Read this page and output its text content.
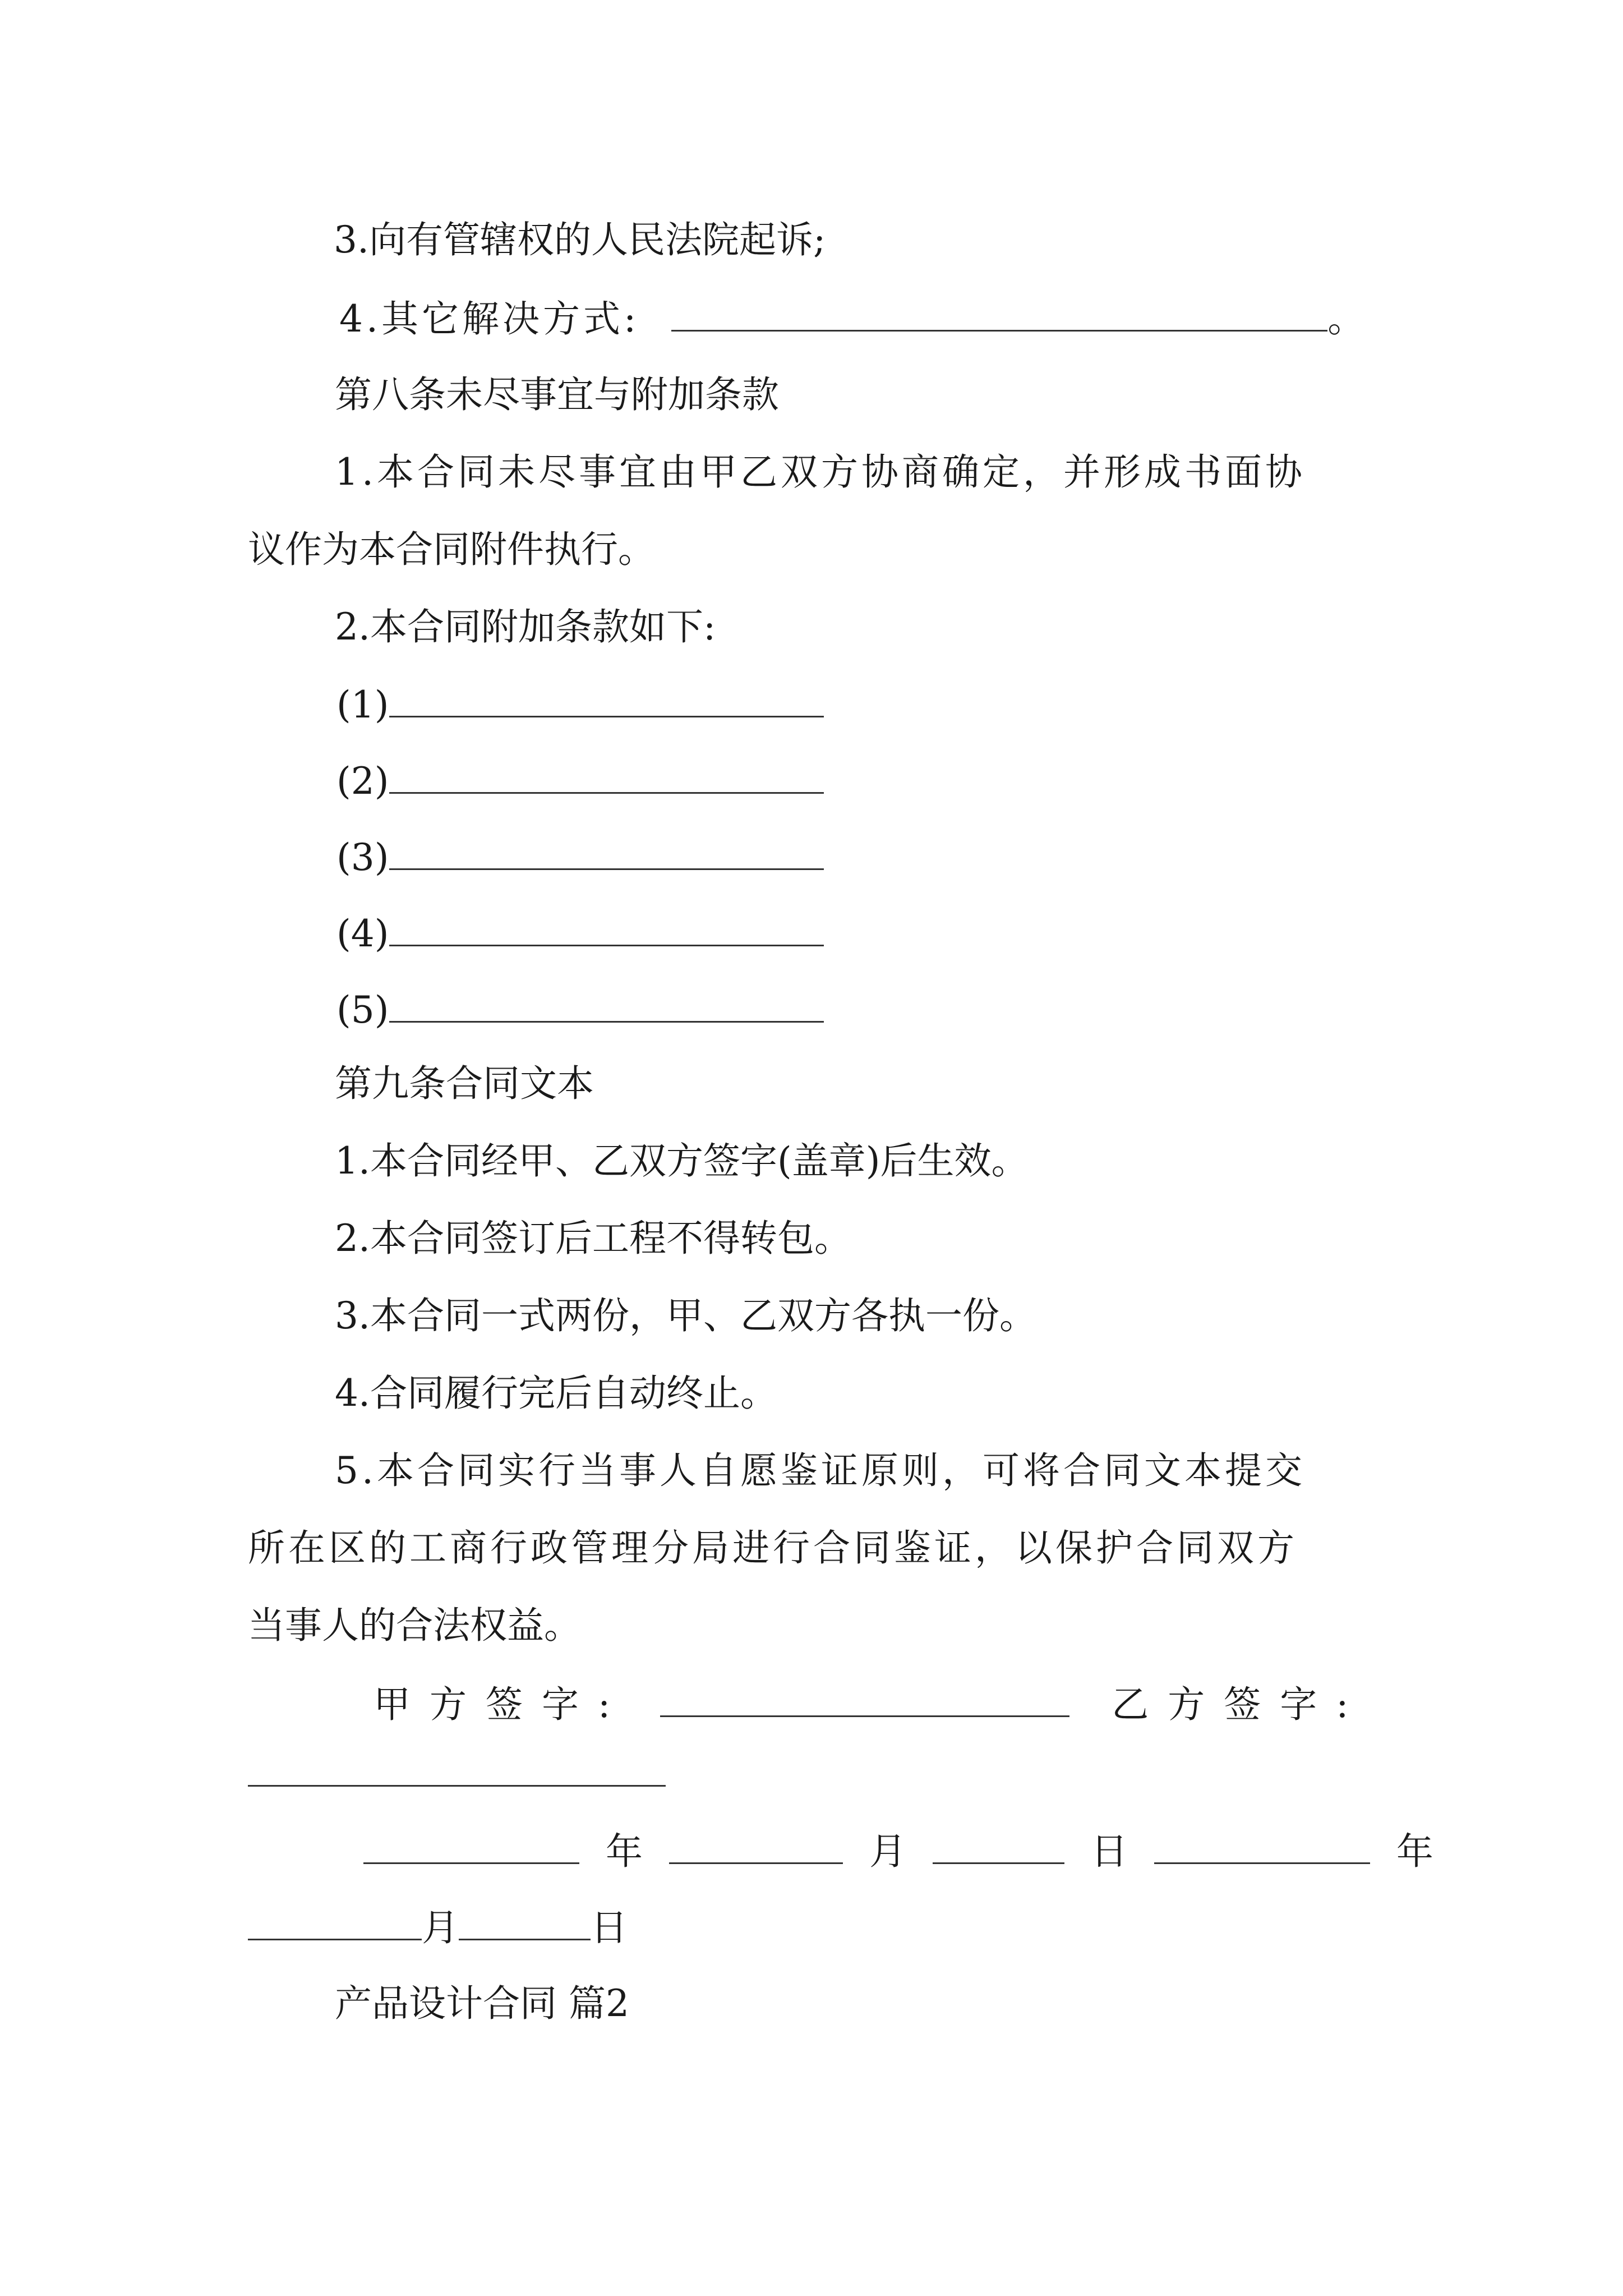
3.向有管辖权的人民法院起诉;
4.其它解决方式:	。
第八条未尽事宜与附加条款
1.本合同未尽事宜由甲乙双方协商确定，并形成书面协
议作为本合同附件执行。
2.本合同附加条款如下:
(1)
(2)
(3)
(4)
(5)
第九条合同文本
1.本合同经甲、乙双方签字(盖章)后生效。
2.本合同签订后工程不得转包。
3.本合同一式两份，甲、乙双方各执一份。
4.合同履行完后自动终止。
5.本合同实行当事人自愿鉴证原则，可将合同文本提交
所在区的工商行政管理分局进行合同鉴证，以保护合同双方
当事人的合法权益。
甲方签字:	乙方签字:
年	月	日	年
月	日
产品设计合同 篇2
